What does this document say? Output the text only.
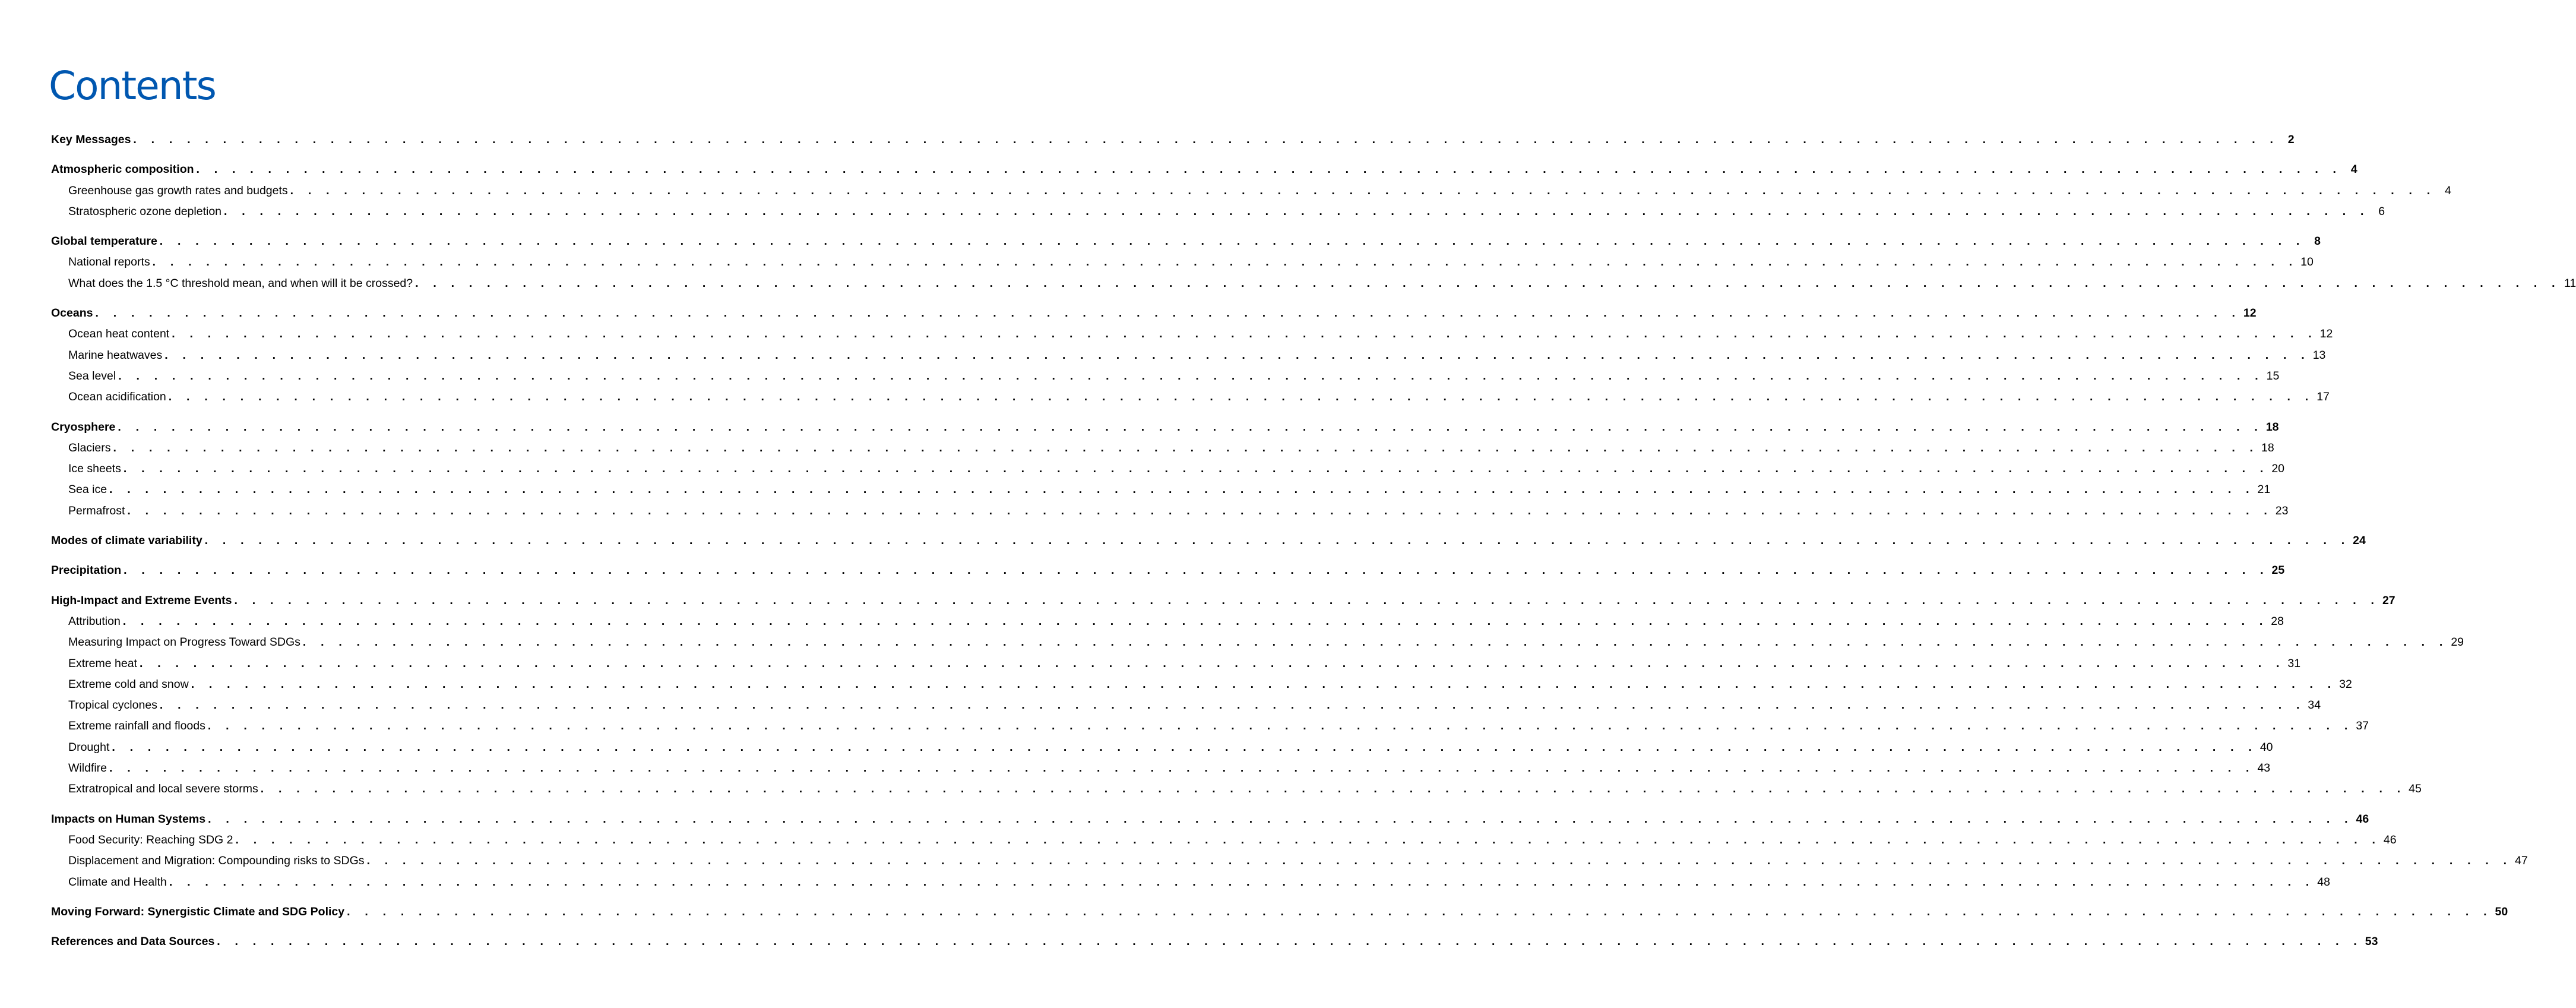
Contents
Key Messages . . . . . . . . . . . . . . . . . . . . . . . . . . . . . . . . . . . . . . . . . . . . . . . . . . . . . . . . . . . . . . . . . . . . . . . . . . . . . . . . . . . . . . . . . . . . . . . . . . . . . . . . . . . . . . . . . . . . . . . . 2
Atmospheric composition . . . . . . . . . . . . . . . . . . . . . . . . . . . . . . . . . . . . . . . . . . . . . . . . . . . . . . . . . . . . . . . . . . . . . . . . . . . . . . . . . . . . . . . . . . . . . . . . . . . . . . . . . . . . . . . . . . . . . . . . 4
Greenhouse gas growth rates and budgets . . . . . . . . . . . . . . . . . . . . . . . . . . . . . . . . . . . . . . . . . . . . . . . . . . . . . . . . . . . . . . . . . . . . . . . . . . . . . . . . . . . . . . . . . . . . . . . . . . . . . . . . . . . . . . . . . . . . . . . . 4
Stratospheric ozone depletion . . . . . . . . . . . . . . . . . . . . . . . . . . . . . . . . . . . . . . . . . . . . . . . . . . . . . . . . . . . . . . . . . . . . . . . . . . . . . . . . . . . . . . . . . . . . . . . . . . . . . . . . . . . . . . . . . . . . . . . . 6
Global temperature . . . . . . . . . . . . . . . . . . . . . . . . . . . . . . . . . . . . . . . . . . . . . . . . . . . . . . . . . . . . . . . . . . . . . . . . . . . . . . . . . . . . . . . . . . . . . . . . . . . . . . . . . . . . . . . . . . . . . . . . 8
National reports . . . . . . . . . . . . . . . . . . . . . . . . . . . . . . . . . . . . . . . . . . . . . . . . . . . . . . . . . . . . . . . . . . . . . . . . . . . . . . . . . . . . . . . . . . . . . . . . . . . . . . . . . . . . . . . . . . . . . . . . 10
What does the 1.5 °C threshold mean, and when will it be crossed? . . . . . . . . . . . . . . . . . . . . . . . . . . . . . . . . . . . . . . . . . . . . . . . . . . . . . . . . . . . . . . . . . . . . . . . . . . . . . . . . . . . . . . . . . . . . . . . . . . . . . . . . . . . . . . . . . . . . . . . . 11
Oceans . . . . . . . . . . . . . . . . . . . . . . . . . . . . . . . . . . . . . . . . . . . . . . . . . . . . . . . . . . . . . . . . . . . . . . . . . . . . . . . . . . . . . . . . . . . . . . . . . . . . . . . . . . . . . . . . . . . . . . . . 12
Ocean heat content . . . . . . . . . . . . . . . . . . . . . . . . . . . . . . . . . . . . . . . . . . . . . . . . . . . . . . . . . . . . . . . . . . . . . . . . . . . . . . . . . . . . . . . . . . . . . . . . . . . . . . . . . . . . . . . . . . . . . . . . 12
Marine heatwaves . . . . . . . . . . . . . . . . . . . . . . . . . . . . . . . . . . . . . . . . . . . . . . . . . . . . . . . . . . . . . . . . . . . . . . . . . . . . . . . . . . . . . . . . . . . . . . . . . . . . . . . . . . . . . . . . . . . . . . . . 13
Sea level . . . . . . . . . . . . . . . . . . . . . . . . . . . . . . . . . . . . . . . . . . . . . . . . . . . . . . . . . . . . . . . . . . . . . . . . . . . . . . . . . . . . . . . . . . . . . . . . . . . . . . . . . . . . . . . . . . . . . . . . 15
Ocean acidification . . . . . . . . . . . . . . . . . . . . . . . . . . . . . . . . . . . . . . . . . . . . . . . . . . . . . . . . . . . . . . . . . . . . . . . . . . . . . . . . . . . . . . . . . . . . . . . . . . . . . . . . . . . . . . . . . . . . . . . . 17
Cryosphere . . . . . . . . . . . . . . . . . . . . . . . . . . . . . . . . . . . . . . . . . . . . . . . . . . . . . . . . . . . . . . . . . . . . . . . . . . . . . . . . . . . . . . . . . . . . . . . . . . . . . . . . . . . . . . . . . . . . . . . . 18
Glaciers . . . . . . . . . . . . . . . . . . . . . . . . . . . . . . . . . . . . . . . . . . . . . . . . . . . . . . . . . . . . . . . . . . . . . . . . . . . . . . . . . . . . . . . . . . . . . . . . . . . . . . . . . . . . . . . . . . . . . . . . 18
Ice sheets . . . . . . . . . . . . . . . . . . . . . . . . . . . . . . . . . . . . . . . . . . . . . . . . . . . . . . . . . . . . . . . . . . . . . . . . . . . . . . . . . . . . . . . . . . . . . . . . . . . . . . . . . . . . . . . . . . . . . . . . 20
Sea ice . . . . . . . . . . . . . . . . . . . . . . . . . . . . . . . . . . . . . . . . . . . . . . . . . . . . . . . . . . . . . . . . . . . . . . . . . . . . . . . . . . . . . . . . . . . . . . . . . . . . . . . . . . . . . . . . . . . . . . . . 21
Permafrost . . . . . . . . . . . . . . . . . . . . . . . . . . . . . . . . . . . . . . . . . . . . . . . . . . . . . . . . . . . . . . . . . . . . . . . . . . . . . . . . . . . . . . . . . . . . . . . . . . . . . . . . . . . . . . . . . . . . . . . . 23
Modes of climate variability . . . . . . . . . . . . . . . . . . . . . . . . . . . . . . . . . . . . . . . . . . . . . . . . . . . . . . . . . . . . . . . . . . . . . . . . . . . . . . . . . . . . . . . . . . . . . . . . . . . . . . . . . . . . . . . . . . . . . . . . 24
Precipitation . . . . . . . . . . . . . . . . . . . . . . . . . . . . . . . . . . . . . . . . . . . . . . . . . . . . . . . . . . . . . . . . . . . . . . . . . . . . . . . . . . . . . . . . . . . . . . . . . . . . . . . . . . . . . . . . . . . . . . . . 25
High-Impact and Extreme Events . . . . . . . . . . . . . . . . . . . . . . . . . . . . . . . . . . . . . . . . . . . . . . . . . . . . . . . . . . . . . . . . . . . . . . . . . . . . . . . . . . . . . . . . . . . . . . . . . . . . . . . . . . . . . . . . . . . . . . . . 27
Attribution . . . . . . . . . . . . . . . . . . . . . . . . . . . . . . . . . . . . . . . . . . . . . . . . . . . . . . . . . . . . . . . . . . . . . . . . . . . . . . . . . . . . . . . . . . . . . . . . . . . . . . . . . . . . . . . . . . . . . . . . 28
Measuring Impact on Progress Toward SDGs . . . . . . . . . . . . . . . . . . . . . . . . . . . . . . . . . . . . . . . . . . . . . . . . . . . . . . . . . . . . . . . . . . . . . . . . . . . . . . . . . . . . . . . . . . . . . . . . . . . . . . . . . . . . . . . . . . . . . . . . 29
Extreme heat . . . . . . . . . . . . . . . . . . . . . . . . . . . . . . . . . . . . . . . . . . . . . . . . . . . . . . . . . . . . . . . . . . . . . . . . . . . . . . . . . . . . . . . . . . . . . . . . . . . . . . . . . . . . . . . . . . . . . . . . 31
Extreme cold and snow . . . . . . . . . . . . . . . . . . . . . . . . . . . . . . . . . . . . . . . . . . . . . . . . . . . . . . . . . . . . . . . . . . . . . . . . . . . . . . . . . . . . . . . . . . . . . . . . . . . . . . . . . . . . . . . . . . . . . . . . 32
Tropical cyclones . . . . . . . . . . . . . . . . . . . . . . . . . . . . . . . . . . . . . . . . . . . . . . . . . . . . . . . . . . . . . . . . . . . . . . . . . . . . . . . . . . . . . . . . . . . . . . . . . . . . . . . . . . . . . . . . . . . . . . . . 34
Extreme rainfall and floods . . . . . . . . . . . . . . . . . . . . . . . . . . . . . . . . . . . . . . . . . . . . . . . . . . . . . . . . . . . . . . . . . . . . . . . . . . . . . . . . . . . . . . . . . . . . . . . . . . . . . . . . . . . . . . . . . . . . . . . . 37
Drought . . . . . . . . . . . . . . . . . . . . . . . . . . . . . . . . . . . . . . . . . . . . . . . . . . . . . . . . . . . . . . . . . . . . . . . . . . . . . . . . . . . . . . . . . . . . . . . . . . . . . . . . . . . . . . . . . . . . . . . . 40
Wildfire . . . . . . . . . . . . . . . . . . . . . . . . . . . . . . . . . . . . . . . . . . . . . . . . . . . . . . . . . . . . . . . . . . . . . . . . . . . . . . . . . . . . . . . . . . . . . . . . . . . . . . . . . . . . . . . . . . . . . . . . 43
Extratropical and local severe storms . . . . . . . . . . . . . . . . . . . . . . . . . . . . . . . . . . . . . . . . . . . . . . . . . . . . . . . . . . . . . . . . . . . . . . . . . . . . . . . . . . . . . . . . . . . . . . . . . . . . . . . . . . . . . . . . . . . . . . . . 45
Impacts on Human Systems . . . . . . . . . . . . . . . . . . . . . . . . . . . . . . . . . . . . . . . . . . . . . . . . . . . . . . . . . . . . . . . . . . . . . . . . . . . . . . . . . . . . . . . . . . . . . . . . . . . . . . . . . . . . . . . . . . . . . . . . 46
Food Security: Reaching SDG 2 . . . . . . . . . . . . . . . . . . . . . . . . . . . . . . . . . . . . . . . . . . . . . . . . . . . . . . . . . . . . . . . . . . . . . . . . . . . . . . . . . . . . . . . . . . . . . . . . . . . . . . . . . . . . . . . . . . . . . . . . 46
Displacement and Migration: Compounding risks to SDGs . . . . . . . . . . . . . . . . . . . . . . . . . . . . . . . . . . . . . . . . . . . . . . . . . . . . . . . . . . . . . . . . . . . . . . . . . . . . . . . . . . . . . . . . . . . . . . . . . . . . . . . . . . . . . . . . . . . . . . . . 47
Climate and Health . . . . . . . . . . . . . . . . . . . . . . . . . . . . . . . . . . . . . . . . . . . . . . . . . . . . . . . . . . . . . . . . . . . . . . . . . . . . . . . . . . . . . . . . . . . . . . . . . . . . . . . . . . . . . . . . . . . . . . . . 48
Moving Forward: Synergistic Climate and SDG Policy . . . . . . . . . . . . . . . . . . . . . . . . . . . . . . . . . . . . . . . . . . . . . . . . . . . . . . . . . . . . . . . . . . . . . . . . . . . . . . . . . . . . . . . . . . . . . . . . . . . . . . . . . . . . . . . . . . . . . . . . 50
References and Data Sources . . . . . . . . . . . . . . . . . . . . . . . . . . . . . . . . . . . . . . . . . . . . . . . . . . . . . . . . . . . . . . . . . . . . . . . . . . . . . . . . . . . . . . . . . . . . . . . . . . . . . . . . . . . . . . . . . . . . . . . . 53
